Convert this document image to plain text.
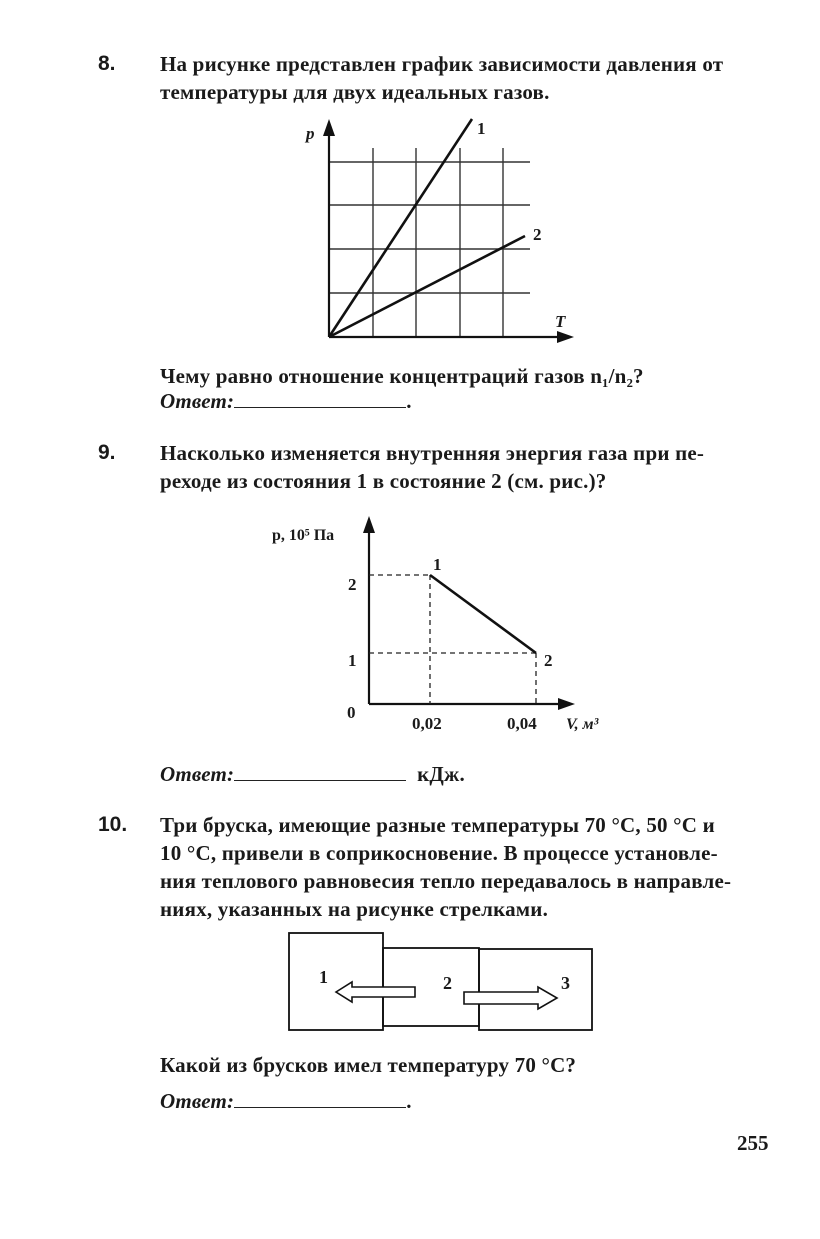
8. На рисунке представлен график зависимости давления от
температуры для двух идеальных газов.
p
T
1
2
Чему равно отношение концентраций газов n₁/n₂?
Ответ:	.
9. Насколько изменяется внутренняя энергия газа при пе-
реходе из состояния 1 в состояние 2 (см. рис.)?
p, 10⁵ Па
2
1
0
0,02	0,04 V, м³
1
2
Ответ:	кДж.
10. Три бруска, имеющие разные температуры 70 °С, 50 °С и
10 °С, привели в соприкосновение. В процессе установле-
ния теплового равновесия тепло передавалось в направле-
ниях, указанных на рисунке стрелками.
1	2	3
Какой из брусков имел температуру 70 °С?
Ответ:	.
255
